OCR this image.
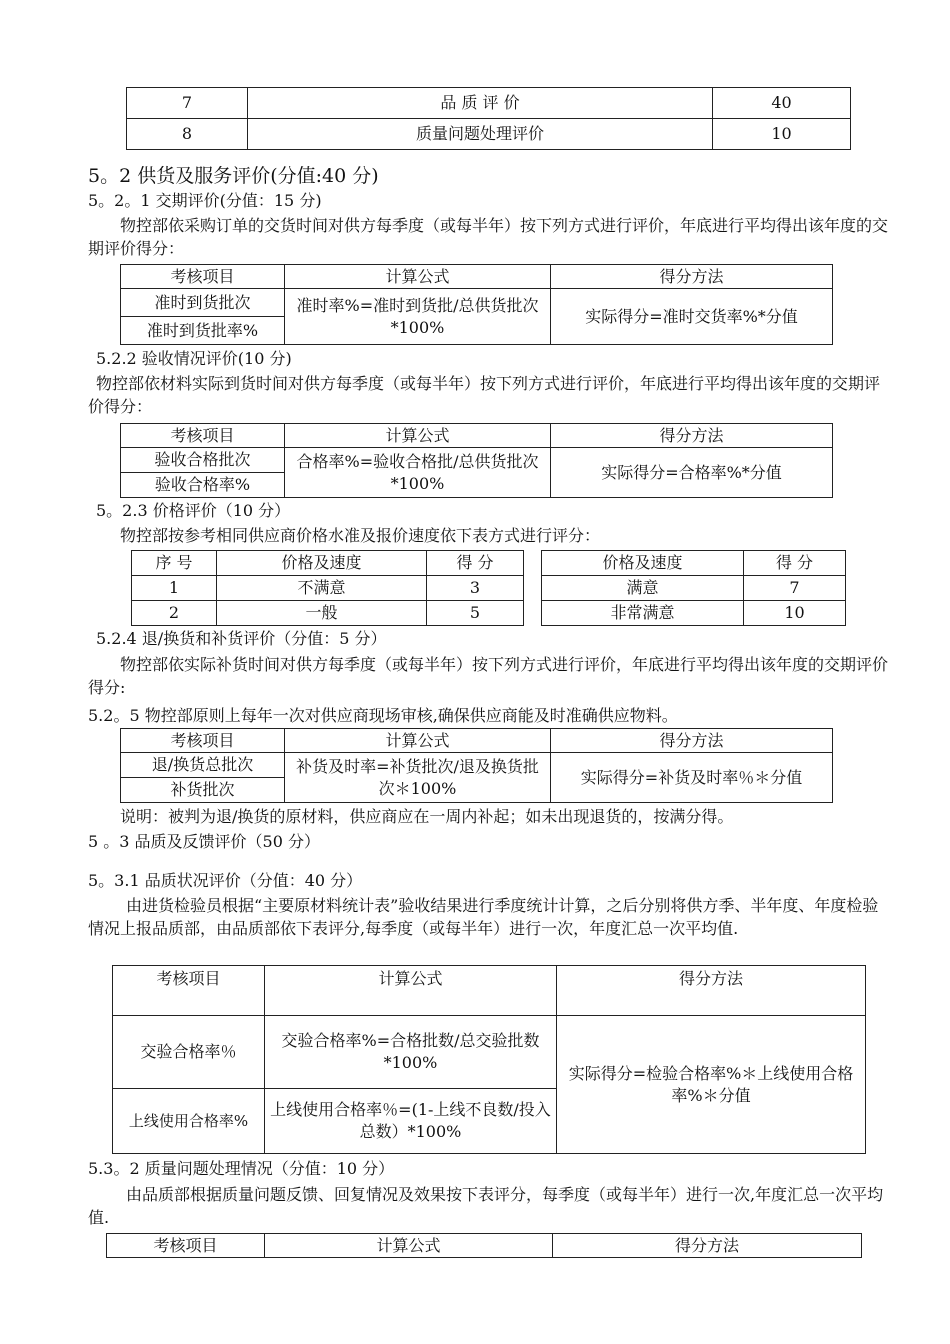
7	品 质 评 价	40
8	质量问题处理评价	10
5。2 供货及服务评价(分值:40 分)
5。2。1 交期评价(分值：15 分)
物控部依采购订单的交货时间对供方每季度（或每半年）按下列方式进行评价，年底进行平均得出该年度的交期评价得分：
考核项目	计算公式	得分方法
准时到货批次	准时率%=准时到货批/总供货批次*100%	实际得分=准时交货率%*分值
准时到货批率%		
5.2.2 验收情况评价(10 分)
物控部依材料实际到货时间对供方每季度（或每半年）按下列方式进行评价，年底进行平均得出该年度的交期评价得分：
考核项目	计算公式	得分方法
验收合格批次	合格率%=验收合格批/总供货批次*100%	实际得分=合格率%*分值
验收合格率%		
5。2.3 价格评价（10 分）
物控部按参考相同供应商价格水准及报价速度依下表方式进行评分：
序 号	价格及速度	得 分		价格及速度	得 分
1	不满意	3		满意	7
2	一般	5		非常满意	10
5.2.4 退/换货和补货评价（分值：5 分）
物控部依实际补货时间对供方每季度（或每半年）按下列方式进行评价，年底进行平均得出该年度的交期评价得分:
5.2。5 物控部原则上每年一次对供应商现场审核,确保供应商能及时准确供应物料。
考核项目	计算公式	得分方法
退/换货总批次	补货及时率=补货批次/退及换货批次＊100%	实际得分=补货及时率％＊分值
补货批次		
说明：被判为退/换货的原材料，供应商应在一周内补起；如未出现退货的，按满分得。
5 。3 品质及反馈评价（50 分）
5。3.1 品质状况评价（分值：40 分）
由进货检验员根据“主要原材料统计表”验收结果进行季度统计计算，之后分别将供方季、半年度、年度检验情况上报品质部，由品质部依下表评分,每季度（或每半年）进行一次，年度汇总一次平均值.
考核项目	计算公式	得分方法
交验合格率％	交验合格率%=合格批数/总交验批数*100%	实际得分=检验合格率%＊上线使用合格率%＊分值
上线使用合格率%	上线使用合格率％=(1-上线不良数/投入总数）*100%	
5.3。2 质量问题处理情况（分值：10 分）
由品质部根据质量问题反馈、回复情况及效果按下表评分，每季度（或每半年）进行一次,年度汇总一次平均值.
考核项目	计算公式	得分方法
